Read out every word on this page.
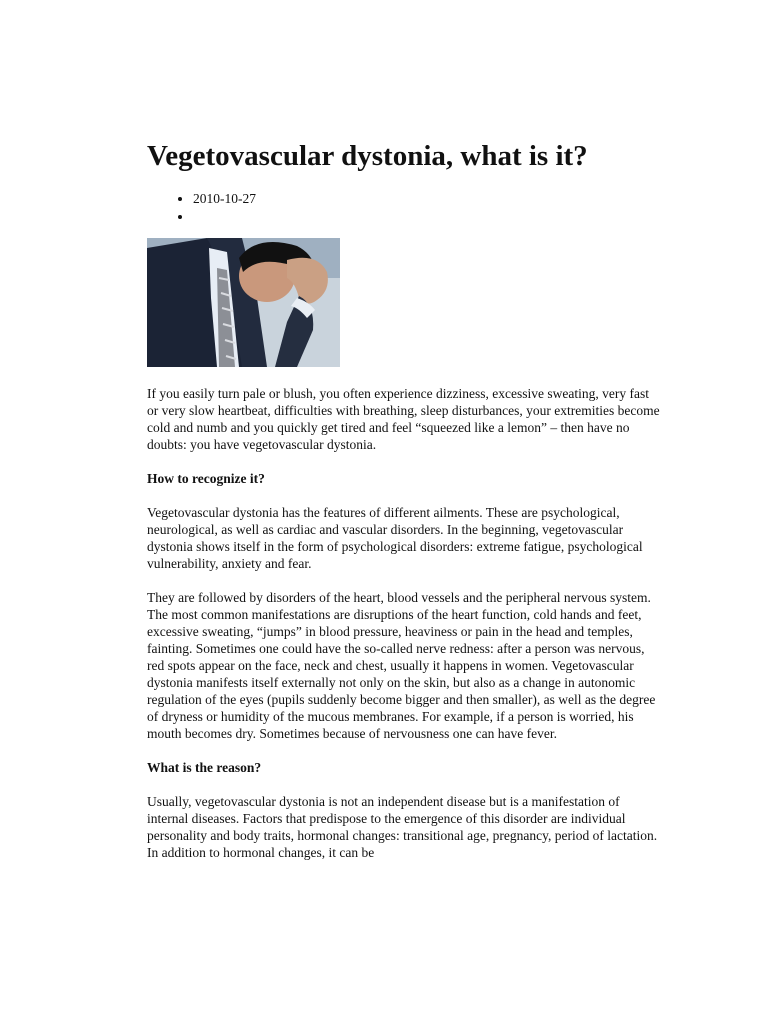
Vegetovascular dystonia, what is it?
• 2010-10-27
•

If you easily turn pale or blush, you often experience dizziness, excessive sweating, very fast or very slow heartbeat, difficulties with breathing, sleep disturbances, your extremities become cold and numb and you quickly get tired and feel “squeezed like a lemon” – then have no doubts: you have vegetovascular dystonia.

How to recognize it?

Vegetovascular dystonia has the features of different ailments. These are psychological, neurological, as well as cardiac and vascular disorders. In the beginning, vegetovascular dystonia shows itself in the form of psychological disorders: extreme fatigue, psychological vulnerability, anxiety and fear.

They are followed by disorders of the heart, blood vessels and the peripheral nervous system. The most common manifestations are disruptions of the heart function, cold hands and feet, excessive sweating, “jumps” in blood pressure, heaviness or pain in the head and temples, fainting. Sometimes one could have the so-called nerve redness: after a person was nervous, red spots appear on the face, neck and chest, usually it happens in women. Vegetovascular dystonia manifests itself externally not only on the skin, but also as a change in autonomic regulation of the eyes (pupils suddenly become bigger and then smaller), as well as the degree of dryness or humidity of the mucous membranes. For example, if a person is worried, his mouth becomes dry. Sometimes because of nervousness one can have fever.

What is the reason?

Usually, vegetovascular dystonia is not an independent disease but is a manifestation of internal diseases. Factors that predispose to the emergence of this disorder are individual personality and body traits, hormonal changes: transitional age, pregnancy, period of lactation. In addition to hormonal changes, it can be
